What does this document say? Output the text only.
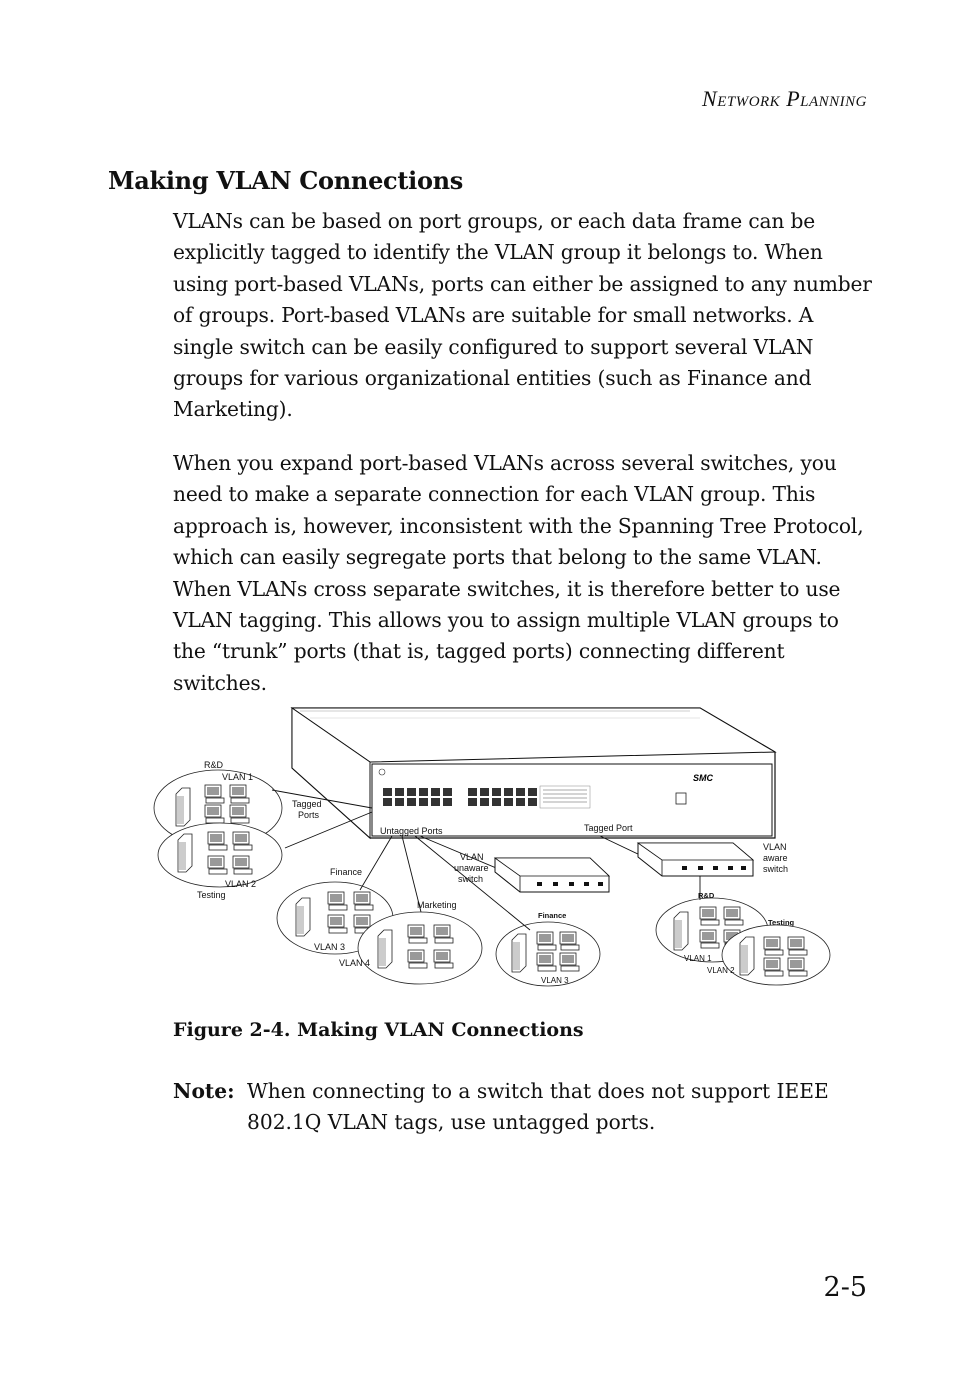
NETWORK PLANNING
Making VLAN Connections
VLANs can be based on port groups, or each data frame can be explicitly tagged to identify the VLAN group it belongs to. When using port-based VLANs, ports can either be assigned to any number of groups. Port-based VLANs are suitable for small networks. A single switch can be easily configured to support several VLAN groups for various organizational entities (such as Finance and Marketing).
When you expand port-based VLANs across several switches, you need to make a separate connection for each VLAN group. This approach is, however, inconsistent with the Spanning Tree Protocol, which can easily segregate ports that belong to the same VLAN. When VLANs cross separate switches, it is therefore better to use VLAN tagging. This allows you to assign multiple VLAN groups to the “trunk” ports (that is, tagged ports) connecting different switches.
SMC
R&D
VLAN 1
Tagged
Ports
VLAN 2
Testing
Untagged Ports	Tagged Port
Finance
VLAN
unaware
switch
VLAN
aware
switch
Marketing
VLAN 3
VLAN 4
Finance
VLAN 3
R&D
Testing
VLAN 1
VLAN 2
Figure 2-4. Making VLAN Connections
Note: When connecting to a switch that does not support IEEE 802.1Q VLAN tags, use untagged ports.
2-5
